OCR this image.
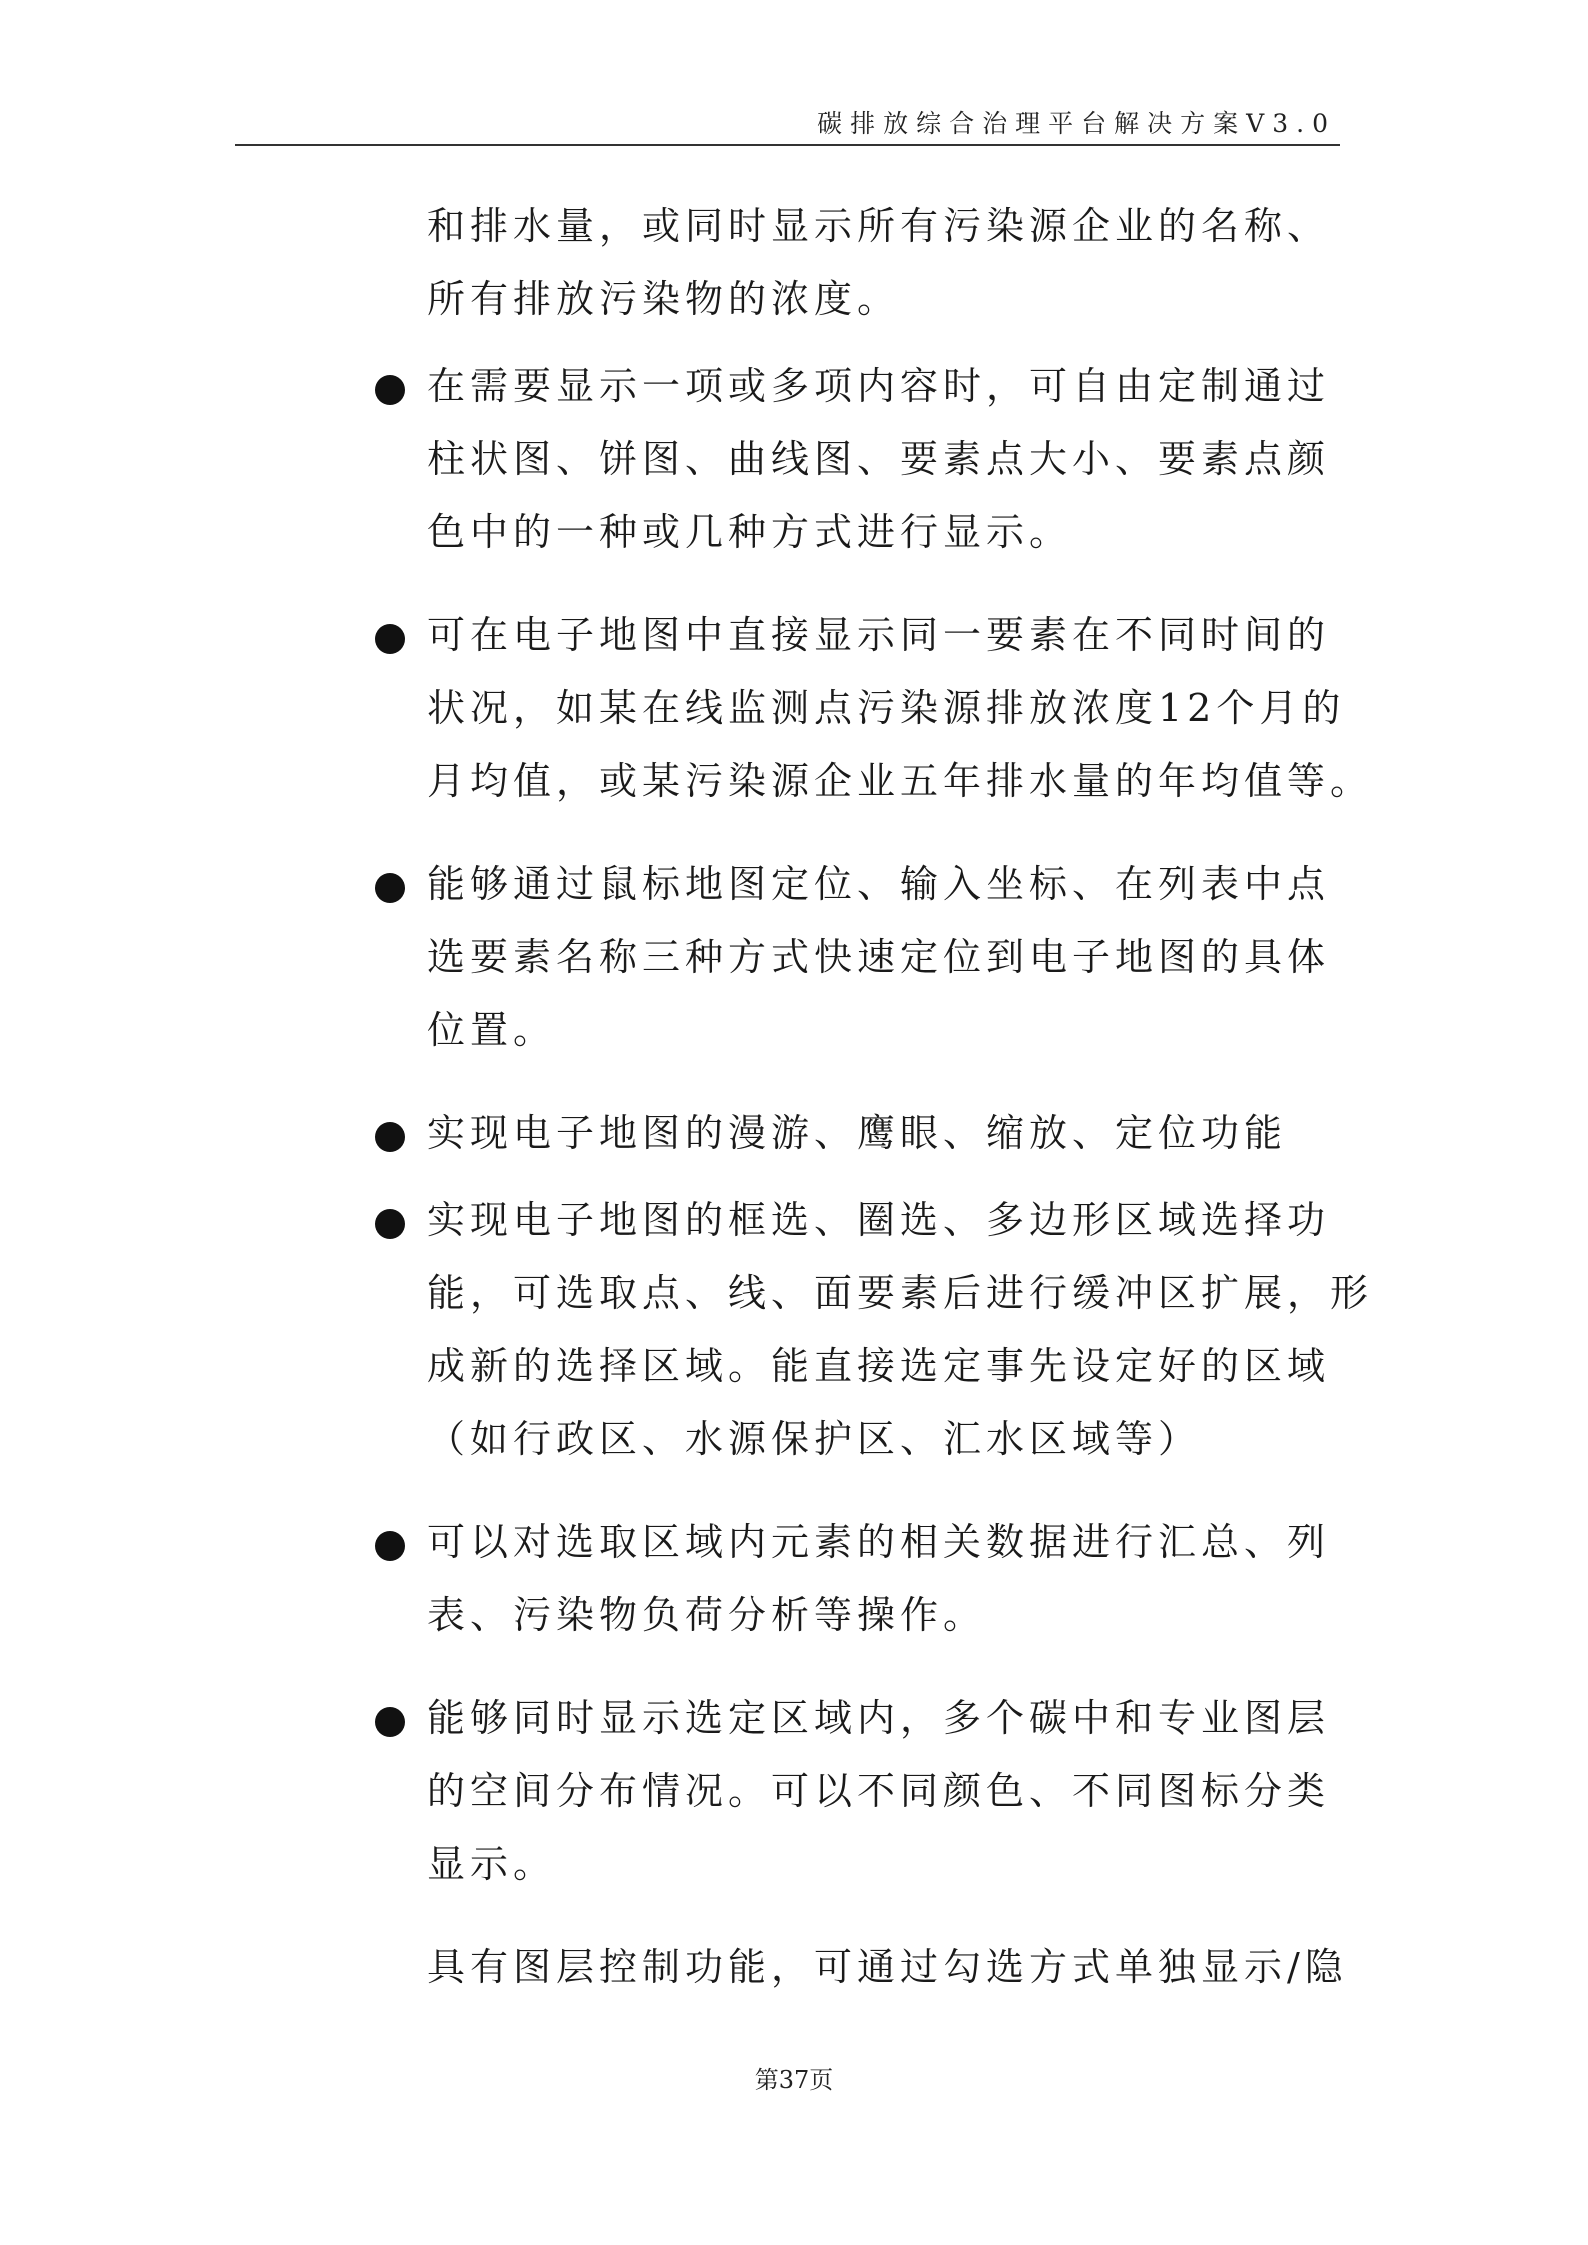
碳排放综合治理平台解决方案V3.0

和排水量，或同时显示所有污染源企业的名称、

所有排放污染物的浓度。

在需要显示一项或多项内容时，可自由定制通过
柱状图、饼图、曲线图、要素点大小、要素点颜
色中的一种或几种方式进行显示。
可在电子地图中直接显示同一要素在不同时间的
状况，如某在线监测点污染源排放浓度12个月的
月均值，或某污染源企业五年排水量的年均值等。
能够通过鼠标地图定位、输入坐标、在列表中点
选要素名称三种方式快速定位到电子地图的具体
位置。
实现电子地图的漫游、鹰眼、缩放、定位功能
实现电子地图的框选、圈选、多边形区域选择功
能，可选取点、线、面要素后进行缓冲区扩展，形
成新的选择区域。能直接选定事先设定好的区域
（如行政区、水源保护区、汇水区域等）
可以对选取区域内元素的相关数据进行汇总、列
表、污染物负荷分析等操作。
能够同时显示选定区域内，多个碳中和专业图层
的空间分布情况。可以不同颜色、不同图标分类
显示。

具有图层控制功能，可通过勾选方式单独显示/隐

第37页
